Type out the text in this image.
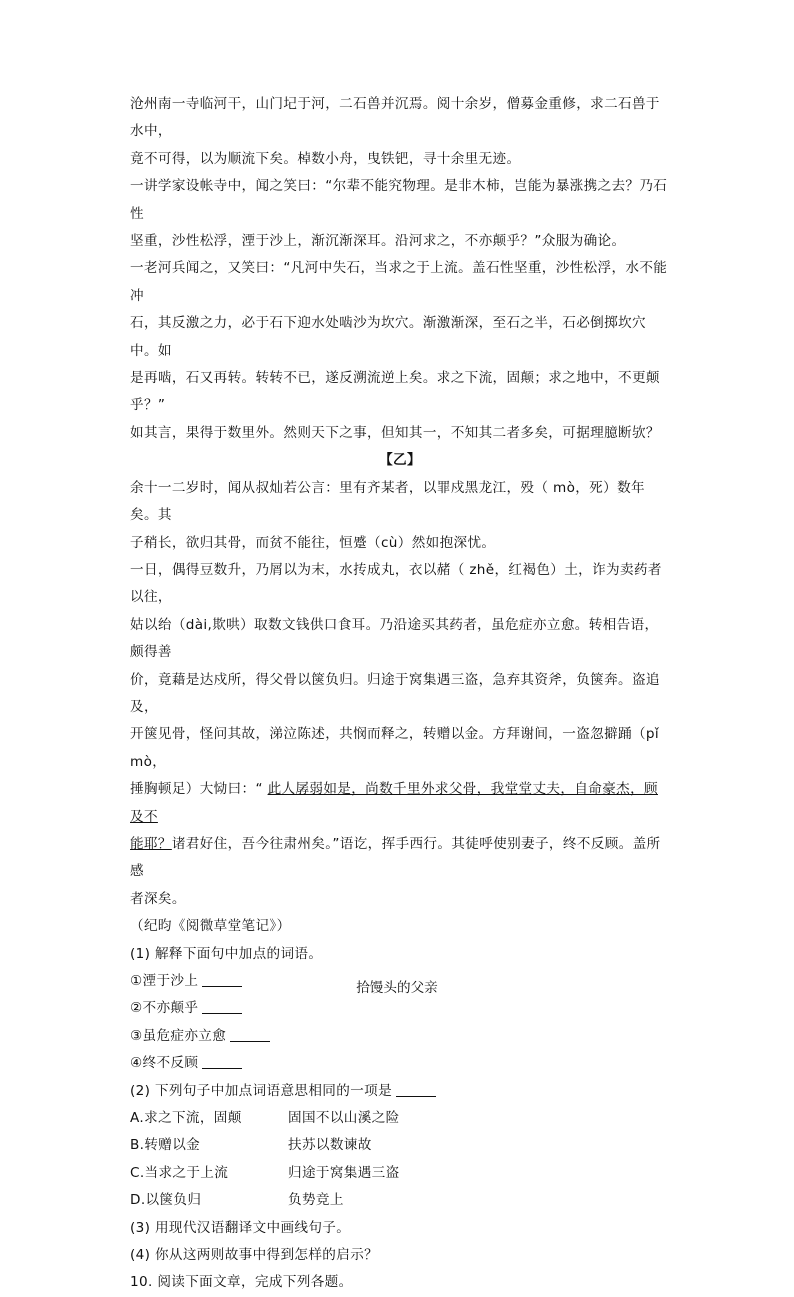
沧州南一寺临河干，山门圮于河，二石兽并沉焉。阅十余岁，僧募金重修，求二石兽于水中，

竟不可得，以为顺流下矣。棹数小舟，曳铁钯，寻十余里无迹。

一讲学家设帐寺中，闻之笑曰：“尔辈不能究物理。是非木柿，岂能为暴涨携之去？乃石性

坚重，沙性松浮，湮于沙上，渐沉渐深耳。沿河求之，不亦颠乎？”众服为确论。

一老河兵闻之，又笑曰：“凡河中失石，当求之于上流。盖石性坚重，沙性松浮，水不能冲

石，其反激之力，必于石下迎水处啮沙为坎穴。渐激渐深，至石之半，石必倒掷坎穴中。如

是再啮，石又再转。转转不已，遂反溯流逆上矣。求之下流，固颠；求之地中，不更颠乎？”

如其言，果得于数里外。然则天下之事，但知其一，不知其二者多矣，可据理臆断欤？

【乙】

余十一二岁时，闻从叔灿若公言：里有齐某者，以罪戍黑龙江，殁（ mò，死）数年矣。其

子稍长，欲归其骨，而贫不能往，恒蹙（cù）然如抱深忧。

一日，偶得豆数升，乃屑以为末，水抟成丸，衣以赭（ zhě，红褐色）土，诈为卖药者以往，

姑以绐（dài,欺哄）取数文钱供口食耳。乃沿途买其药者，虽危症亦立愈。转相告语，颇得善

价，竟藉是达戍所，得父骨以箧负归。归途于窝集遇三盗，急弃其资斧，负箧奔。盗追及，

开箧见骨，怪问其故，涕泣陈述，共悯而释之，转赠以金。方拜谢间，一盗忽擗踊（pǐ mò，

捶胸顿足）大恸曰：“ 此人孱弱如是，尚数千里外求父骨，我堂堂丈夫，自命豪杰，顾及不

能耶？诸君好住，吾今往肃州矣。”语讫，挥手西行。其徒呼使别妻子，终不反顾。盖所感

者深矣。

（纪昀《阅微草堂笔记》）

(1) 解释下面句中加点的词语。

①湮于沙上

②不亦颠乎

③虽危症亦立愈

④终不反顾

(2) 下列句子中加点词语意思相同的一项是

A.求之下流，固颠	固国不以山溪之险
B.转赠以金	扶苏以数谏故
C.当求之于上流	归途于窝集遇三盗
D.以箧负归	负势竞上

(3) 用现代汉语翻译文中画线句子。

(4) 你从这两则故事中得到怎样的启示？

10. 阅读下面文章，完成下列各题。

拾馒头的父亲
